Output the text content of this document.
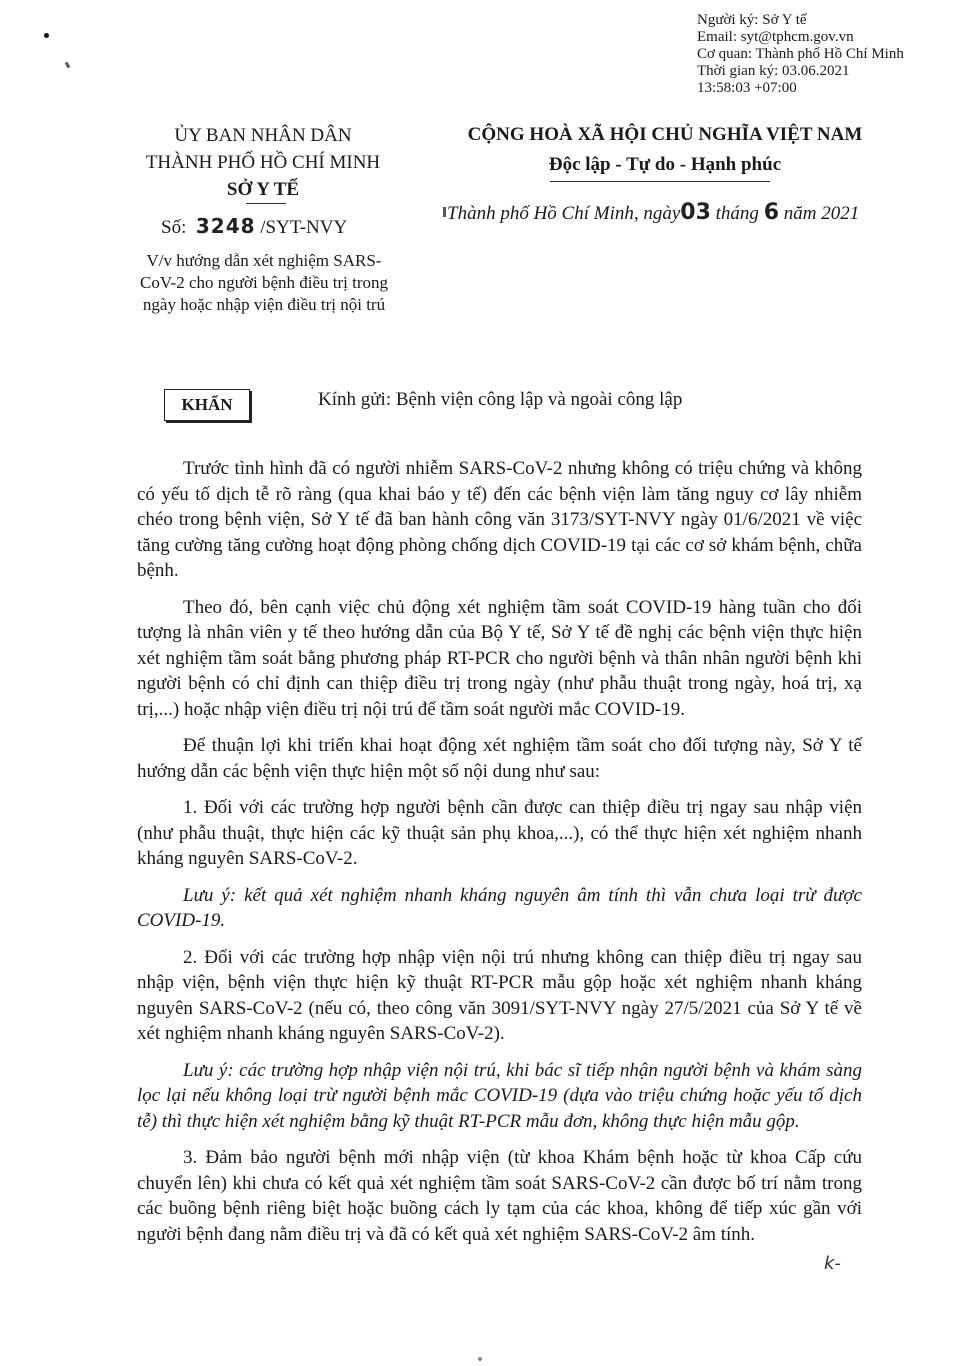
Người ký: Sở Y tế
Email: syt@tphcm.gov.vn
Cơ quan: Thành phố Hồ Chí Minh
Thời gian ký: 03.06.2021
13:58:03 +07:00
ỦY BAN NHÂN DÂN
THÀNH PHỐ HỒ CHÍ MINH
SỞ Y TẾ
CỘNG HOÀ XÃ HỘI CHỦ NGHĨA VIỆT NAM
Độc lập - Tự do - Hạnh phúc
Số: 3248 /SYT-NVY
Thành phố Hồ Chí Minh, ngày03 tháng 6 năm 2021
V/v hướng dẫn xét nghiệm SARS-CoV-2 cho người bệnh điều trị trong ngày hoặc nhập viện điều trị nội trú
KHẨN	Kính gửi: Bệnh viện công lập và ngoài công lập

Trước tình hình đã có người nhiễm SARS-CoV-2 nhưng không có triệu chứng và không có yếu tố dịch tễ rõ ràng (qua khai báo y tế) đến các bệnh viện làm tăng nguy cơ lây nhiễm chéo trong bệnh viện, Sở Y tế đã ban hành công văn 3173/SYT-NVY ngày 01/6/2021 về việc tăng cường tăng cường hoạt động phòng chống dịch COVID-19 tại các cơ sở khám bệnh, chữa bệnh.

Theo đó, bên cạnh việc chủ động xét nghiệm tầm soát COVID-19 hàng tuần cho đối tượng là nhân viên y tế theo hướng dẫn của Bộ Y tế, Sở Y tế đề nghị các bệnh viện thực hiện xét nghiệm tầm soát bằng phương pháp RT-PCR cho người bệnh và thân nhân người bệnh khi người bệnh có chỉ định can thiệp điều trị trong ngày (như phẫu thuật trong ngày, hoá trị, xạ trị,...) hoặc nhập viện điều trị nội trú để tầm soát người mắc COVID-19.

Để thuận lợi khi triển khai hoạt động xét nghiệm tầm soát cho đối tượng này, Sở Y tế hướng dẫn các bệnh viện thực hiện một số nội dung như sau:

1. Đối với các trường hợp người bệnh cần được can thiệp điều trị ngay sau nhập viện (như phẫu thuật, thực hiện các kỹ thuật sản phụ khoa,...), có thể thực hiện xét nghiệm nhanh kháng nguyên SARS-CoV-2.

Lưu ý: kết quả xét nghiệm nhanh kháng nguyên âm tính thì vẫn chưa loại trừ được COVID-19.

2. Đối với các trường hợp nhập viện nội trú nhưng không can thiệp điều trị ngay sau nhập viện, bệnh viện thực hiện kỹ thuật RT-PCR mẫu gộp hoặc xét nghiệm nhanh kháng nguyên SARS-CoV-2 (nếu có, theo công văn 3091/SYT-NVY ngày 27/5/2021 của Sở Y tế về xét nghiệm nhanh kháng nguyên SARS-CoV-2).

Lưu ý: các trường hợp nhập viện nội trú, khi bác sĩ tiếp nhận người bệnh và khám sàng lọc lại nếu không loại trừ người bệnh mắc COVID-19 (dựa vào triệu chứng hoặc yếu tố dịch tễ) thì thực hiện xét nghiệm bằng kỹ thuật RT-PCR mẫu đơn, không thực hiện mẫu gộp.

3. Đảm bảo người bệnh mới nhập viện (từ khoa Khám bệnh hoặc từ khoa Cấp cứu chuyển lên) khi chưa có kết quả xét nghiệm tầm soát SARS-CoV-2 cần được bố trí nằm trong các buồng bệnh riêng biệt hoặc buồng cách ly tạm của các khoa, không để tiếp xúc gần với người bệnh đang nằm điều trị và đã có kết quả xét nghiệm SARS-CoV-2 âm tính.

k-
